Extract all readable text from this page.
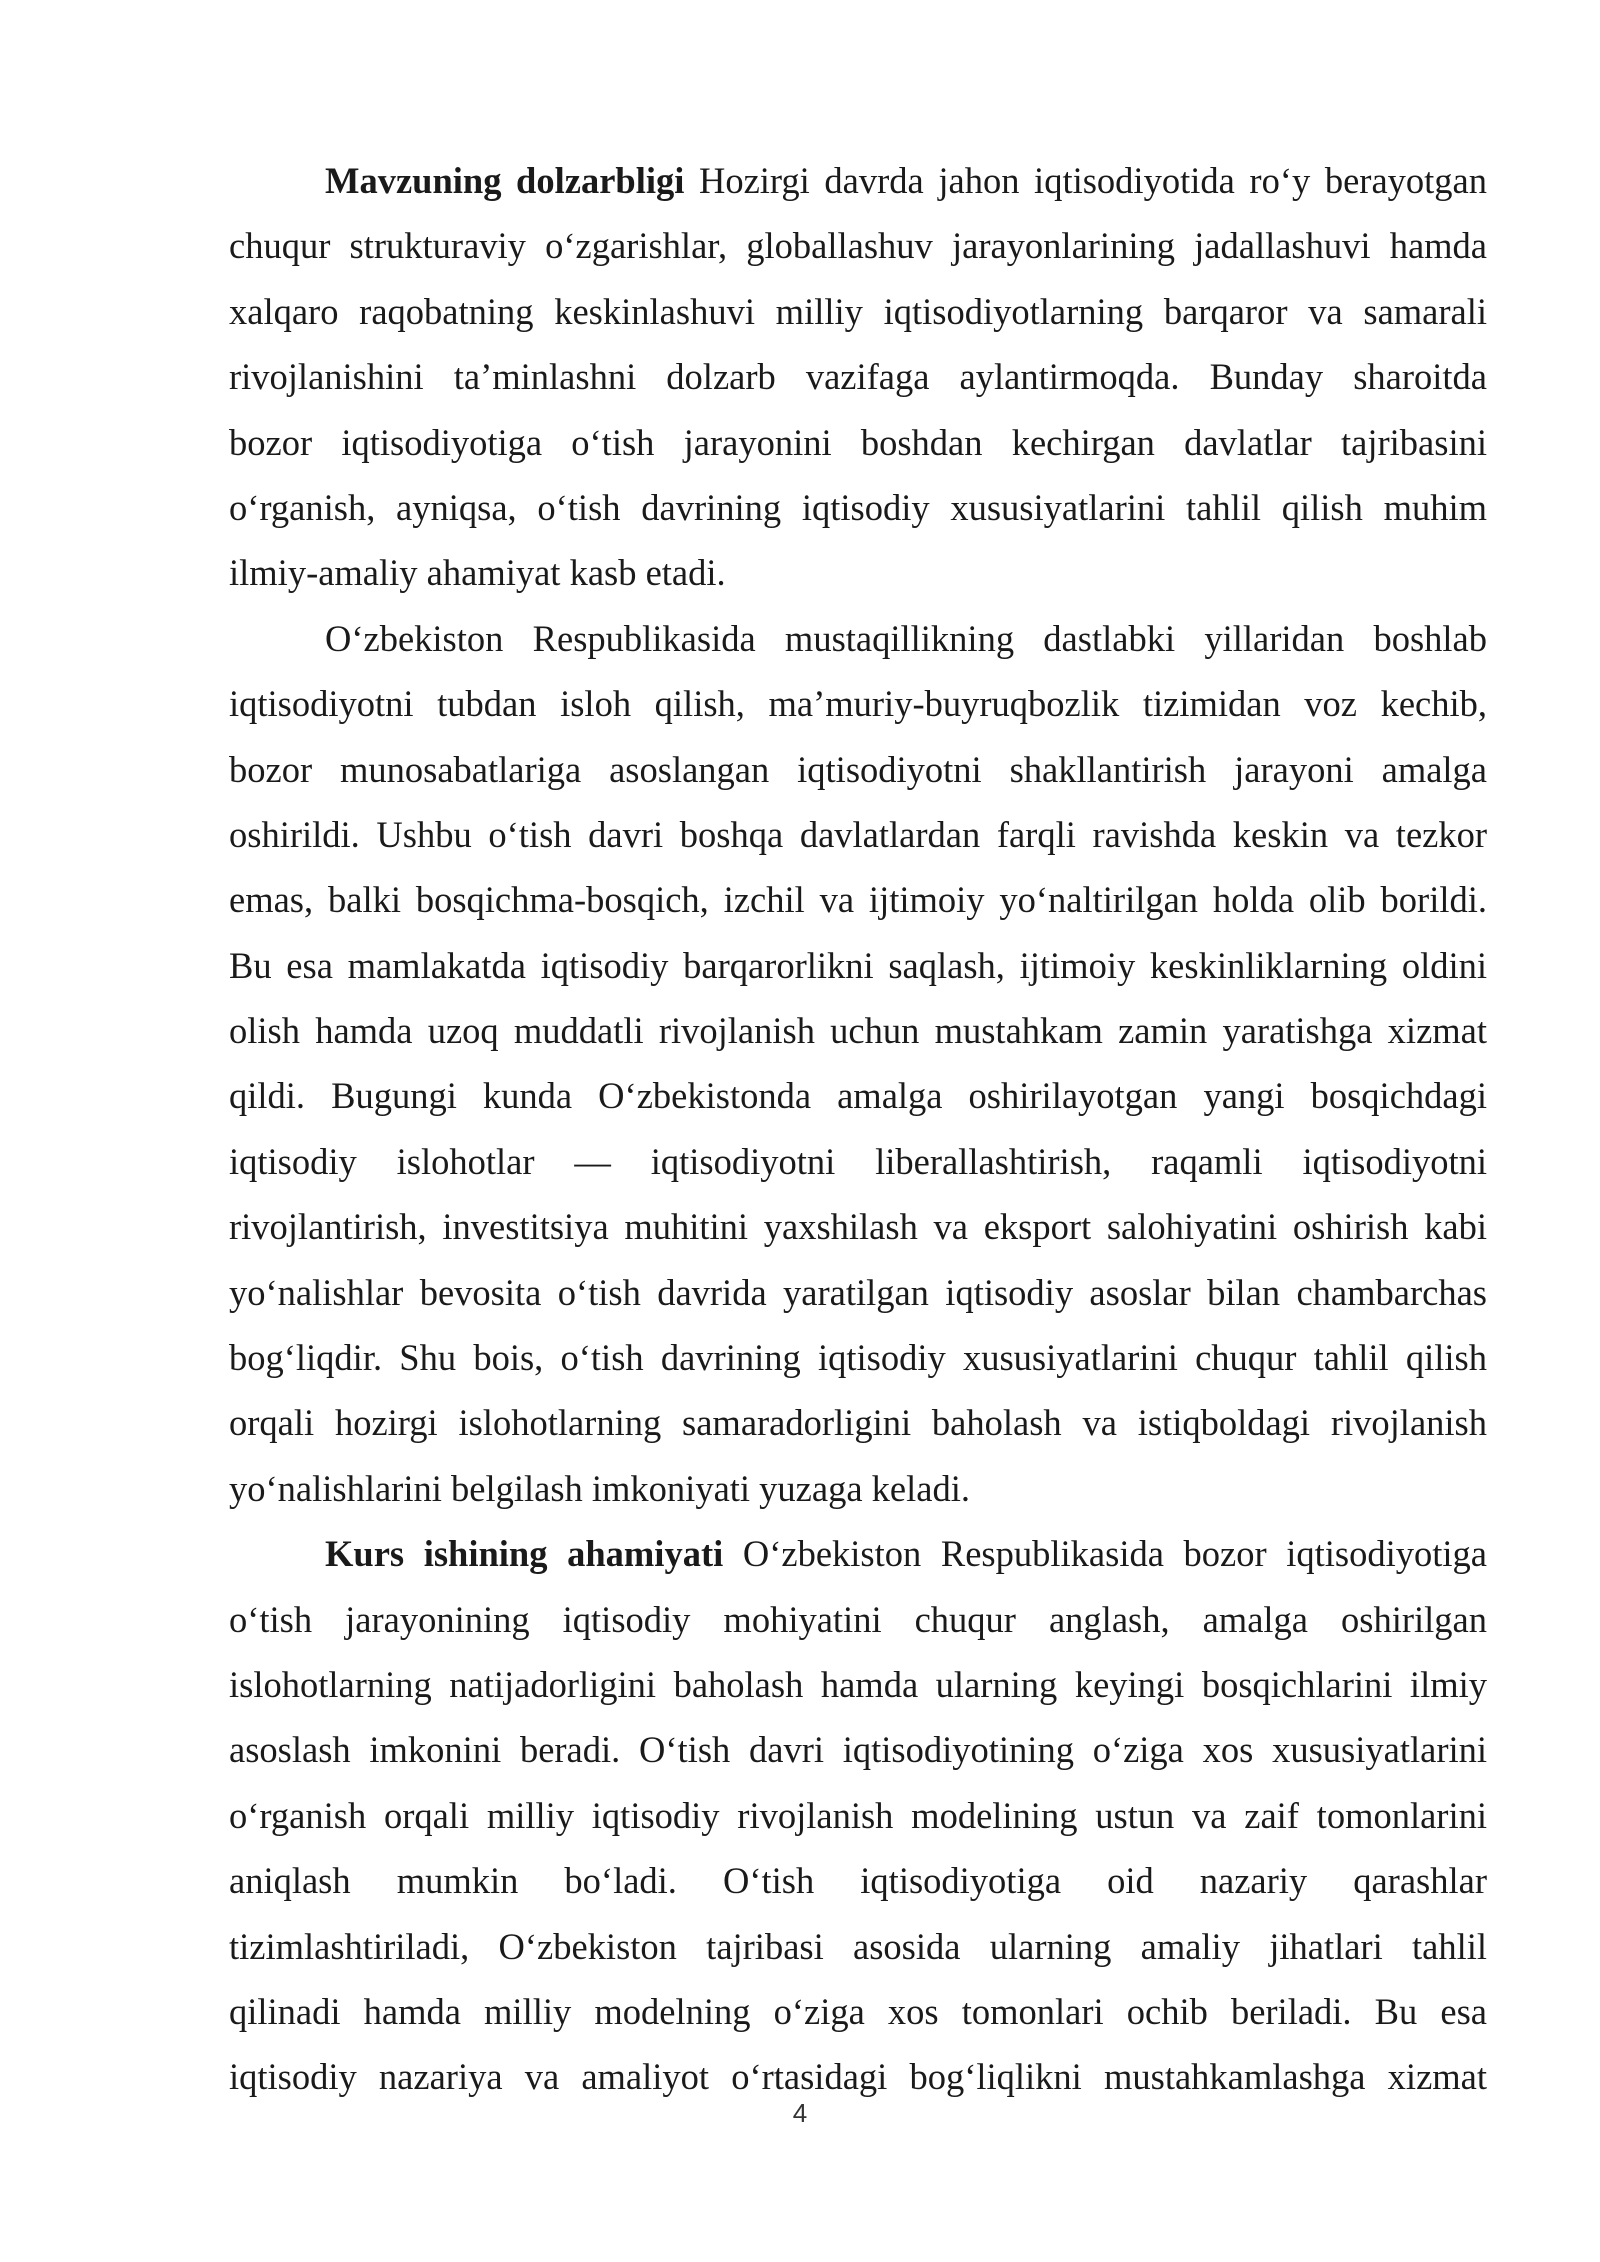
Mavzuning dolzarbligi Hozirgi davrda jahon iqtisodiyotida ro‘y berayotgan
chuqur strukturaviy o‘zgarishlar, globallashuv jarayonlarining jadallashuvi hamda
xalqaro raqobatning keskinlashuvi milliy iqtisodiyotlarning barqaror va samarali
rivojlanishini ta’minlashni dolzarb vazifaga aylantirmoqda. Bunday sharoitda
bozor iqtisodiyotiga o‘tish jarayonini boshdan kechirgan davlatlar tajribasini
o‘rganish, ayniqsa, o‘tish davrining iqtisodiy xususiyatlarini tahlil qilish muhim
ilmiy-amaliy ahamiyat kasb etadi.
O‘zbekiston Respublikasida mustaqillikning dastlabki yillaridan boshlab
iqtisodiyotni tubdan isloh qilish, ma’muriy-buyruqbozlik tizimidan voz kechib,
bozor munosabatlariga asoslangan iqtisodiyotni shakllantirish jarayoni amalga
oshirildi. Ushbu o‘tish davri boshqa davlatlardan farqli ravishda keskin va tezkor
emas, balki bosqichma-bosqich, izchil va ijtimoiy yo‘naltirilgan holda olib borildi.
Bu esa mamlakatda iqtisodiy barqarorlikni saqlash, ijtimoiy keskinliklarning oldini
olish hamda uzoq muddatli rivojlanish uchun mustahkam zamin yaratishga xizmat
qildi. Bugungi kunda O‘zbekistonda amalga oshirilayotgan yangi bosqichdagi
iqtisodiy islohotlar — iqtisodiyotni liberallashtirish, raqamli iqtisodiyotni
rivojlantirish, investitsiya muhitini yaxshilash va eksport salohiyatini oshirish kabi
yo‘nalishlar bevosita o‘tish davrida yaratilgan iqtisodiy asoslar bilan chambarchas
bog‘liqdir. Shu bois, o‘tish davrining iqtisodiy xususiyatlarini chuqur tahlil qilish
orqali hozirgi islohotlarning samaradorligini baholash va istiqboldagi rivojlanish
yo‘nalishlarini belgilash imkoniyati yuzaga keladi.
Kurs ishining ahamiyati O‘zbekiston Respublikasida bozor iqtisodiyotiga
o‘tish jarayonining iqtisodiy mohiyatini chuqur anglash, amalga oshirilgan
islohotlarning natijadorligini baholash hamda ularning keyingi bosqichlarini ilmiy
asoslash imkonini beradi. O‘tish davri iqtisodiyotining o‘ziga xos xususiyatlarini
o‘rganish orqali milliy iqtisodiy rivojlanish modelining ustun va zaif tomonlarini
aniqlash mumkin bo‘ladi. O‘tish iqtisodiyotiga oid nazariy qarashlar
tizimlashtiriladi, O‘zbekiston tajribasi asosida ularning amaliy jihatlari tahlil
qilinadi hamda milliy modelning o‘ziga xos tomonlari ochib beriladi. Bu esa
iqtisodiy nazariya va amaliyot o‘rtasidagi bog‘liqlikni mustahkamlashga xizmat
4
